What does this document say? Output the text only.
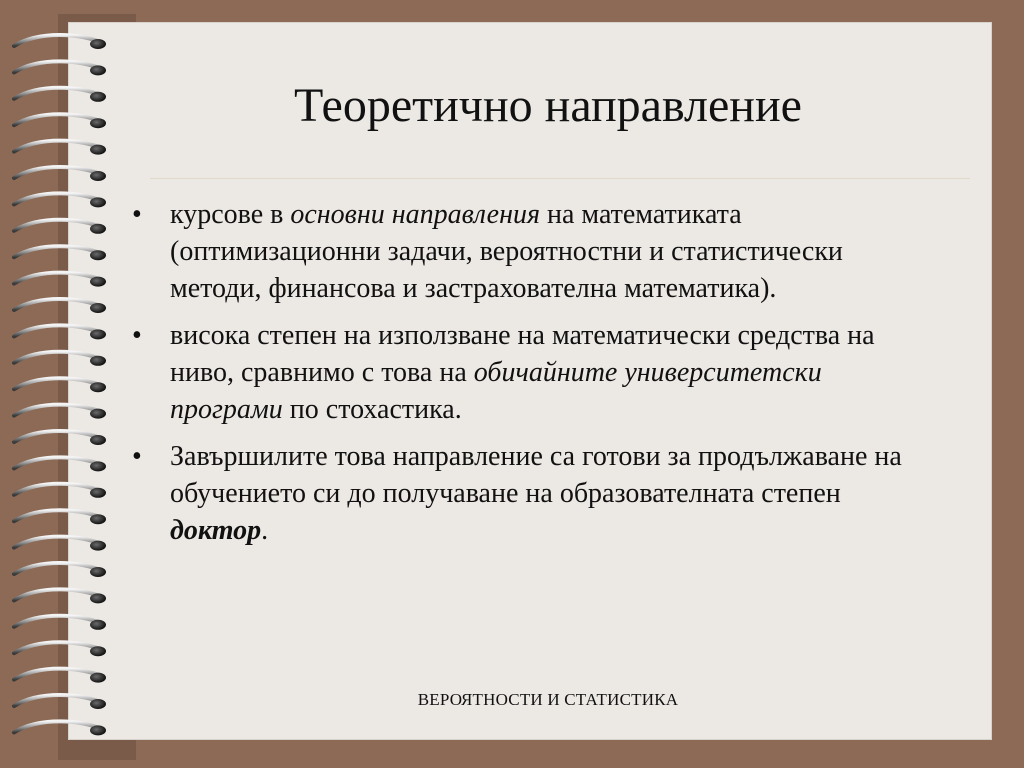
Теоретично направление
• курсове в основни направления на математиката (оптимизационни задачи, вероятностни и статистически методи, финансова и застрахователна математика).
• висока степен на използване на математически средства на ниво, сравнимо с това на обичайните университетски програми по стохастика.
• Завършилите това направление са готови за продължаване на обучението си до получаване на образователната степен доктор.
ВЕРОЯТНОСТИ И СТАТИСТИКА
